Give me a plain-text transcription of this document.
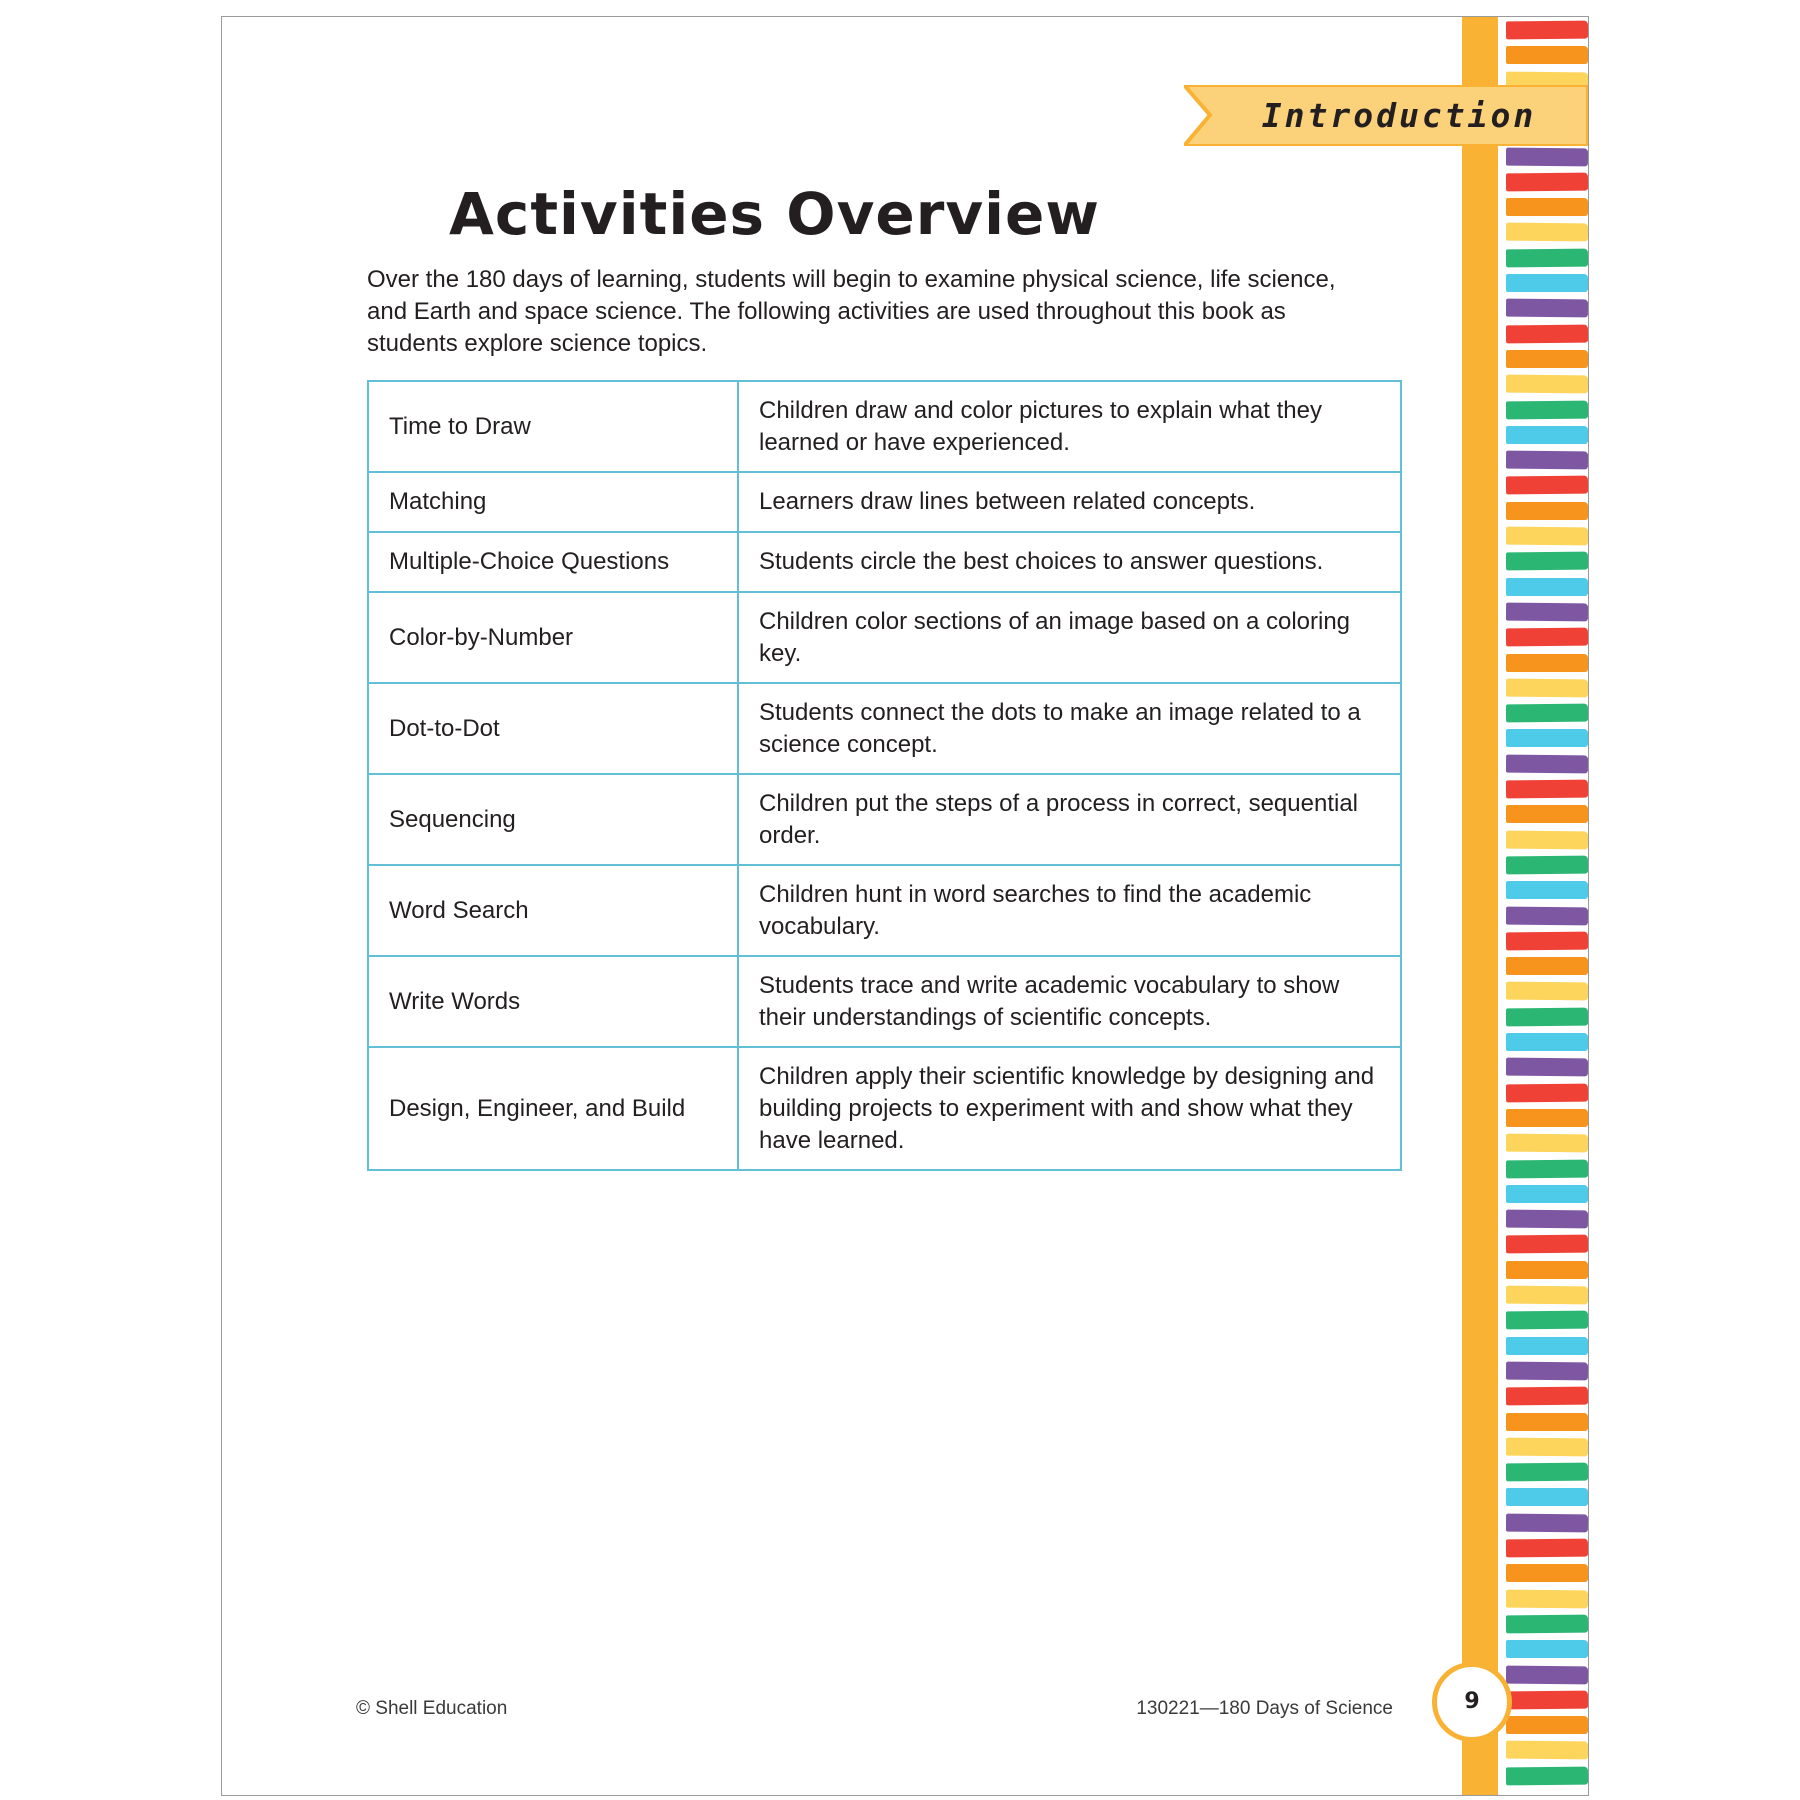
Introduction
Activities Overview

Over the 180 days of learning, students will begin to examine physical science, life science, and Earth and space science. The following activities are used throughout this book as students explore science topics.

Time to Draw	Children draw and color pictures to explain what they learned or have experienced.
Matching	Learners draw lines between related concepts.
Multiple-Choice Questions	Students circle the best choices to answer questions.
Color-by-Number	Children color sections of an image based on a coloring key.
Dot-to-Dot	Students connect the dots to make an image related to a science concept.
Sequencing	Children put the steps of a process in correct, sequential order.
Word Search	Children hunt in word searches to find the academic vocabulary.
Write Words	Students trace and write academic vocabulary to show their understandings of scientific concepts.
Design, Engineer, and Build	Children apply their scientific knowledge by designing and building projects to experiment with and show what they have learned.
© Shell Education	130221—180 Days of Science	9
